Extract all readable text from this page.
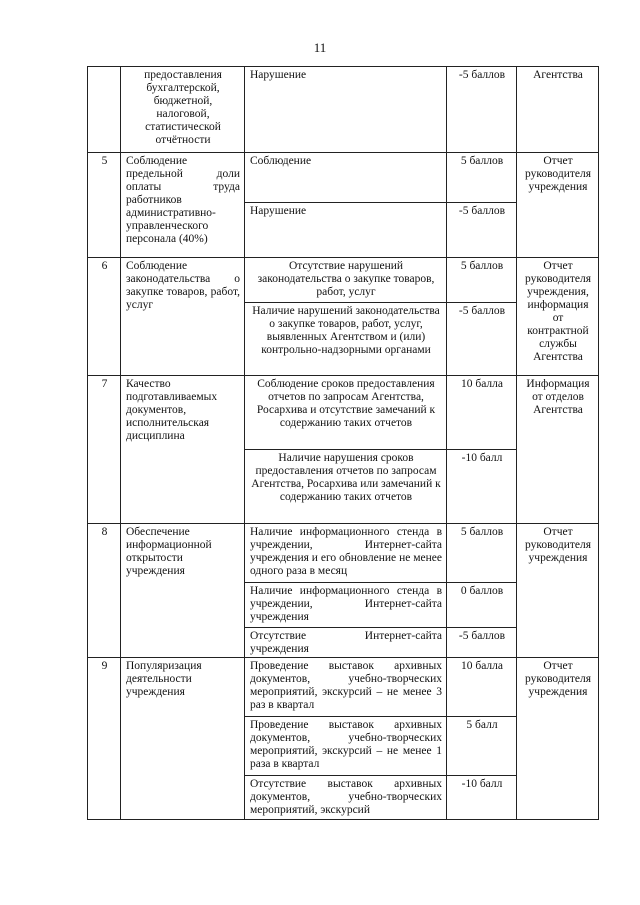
11
	предоставления бухгалтерской, бюджетной, налоговой, статистической отчётности	Нарушение	-5 баллов	Агентства
5	Соблюдение предельной доли оплаты труда работников административно-управленческого персонала (40%)	Соблюдение	5 баллов	Отчет руководителя учреждения
		Нарушение	-5 баллов	
6	Соблюдение законодательства о закупке товаров, работ, услуг	Отсутствие нарушений законодательства о закупке товаров, работ, услуг	5 баллов	Отчет руководителя учреждения, информация от контрактной службы Агентства
		Наличие нарушений законодательства о закупке товаров, работ, услуг, выявленных Агентством и (или) контрольно-надзорными органами	-5 баллов	
7	Качество подготавливаемых документов, исполнительская дисциплина	Соблюдение сроков предоставления отчетов по запросам Агентства, Росархива и отсутствие замечаний к содержанию таких отчетов	10 балла	Информация от отделов Агентства
		Наличие нарушения сроков предоставления отчетов по запросам Агентства, Росархива или замечаний к содержанию таких отчетов	-10 балл	
8	Обеспечение информационной открытости учреждения	Наличие информационного стенда в учреждении, Интернет-сайта учреждения и его обновление не менее одного раза в месяц	5 баллов	Отчет руководителя учреждения
		Наличие информационного стенда в учреждении, Интернет-сайта учреждения	0 баллов	
		Отсутствие Интернет-сайта учреждения	-5 баллов	
9	Популяризация деятельности учреждения	Проведение выставок архивных документов, учебно-творческих мероприятий, экскурсий – не менее 3 раз в квартал	10 балла	Отчет руководителя учреждения
		Проведение выставок архивных документов, учебно-творческих мероприятий, экскурсий – не менее 1 раза в квартал	5 балл	
		Отсутствие выставок архивных документов, учебно-творческих мероприятий, экскурсий	-10 балл	
